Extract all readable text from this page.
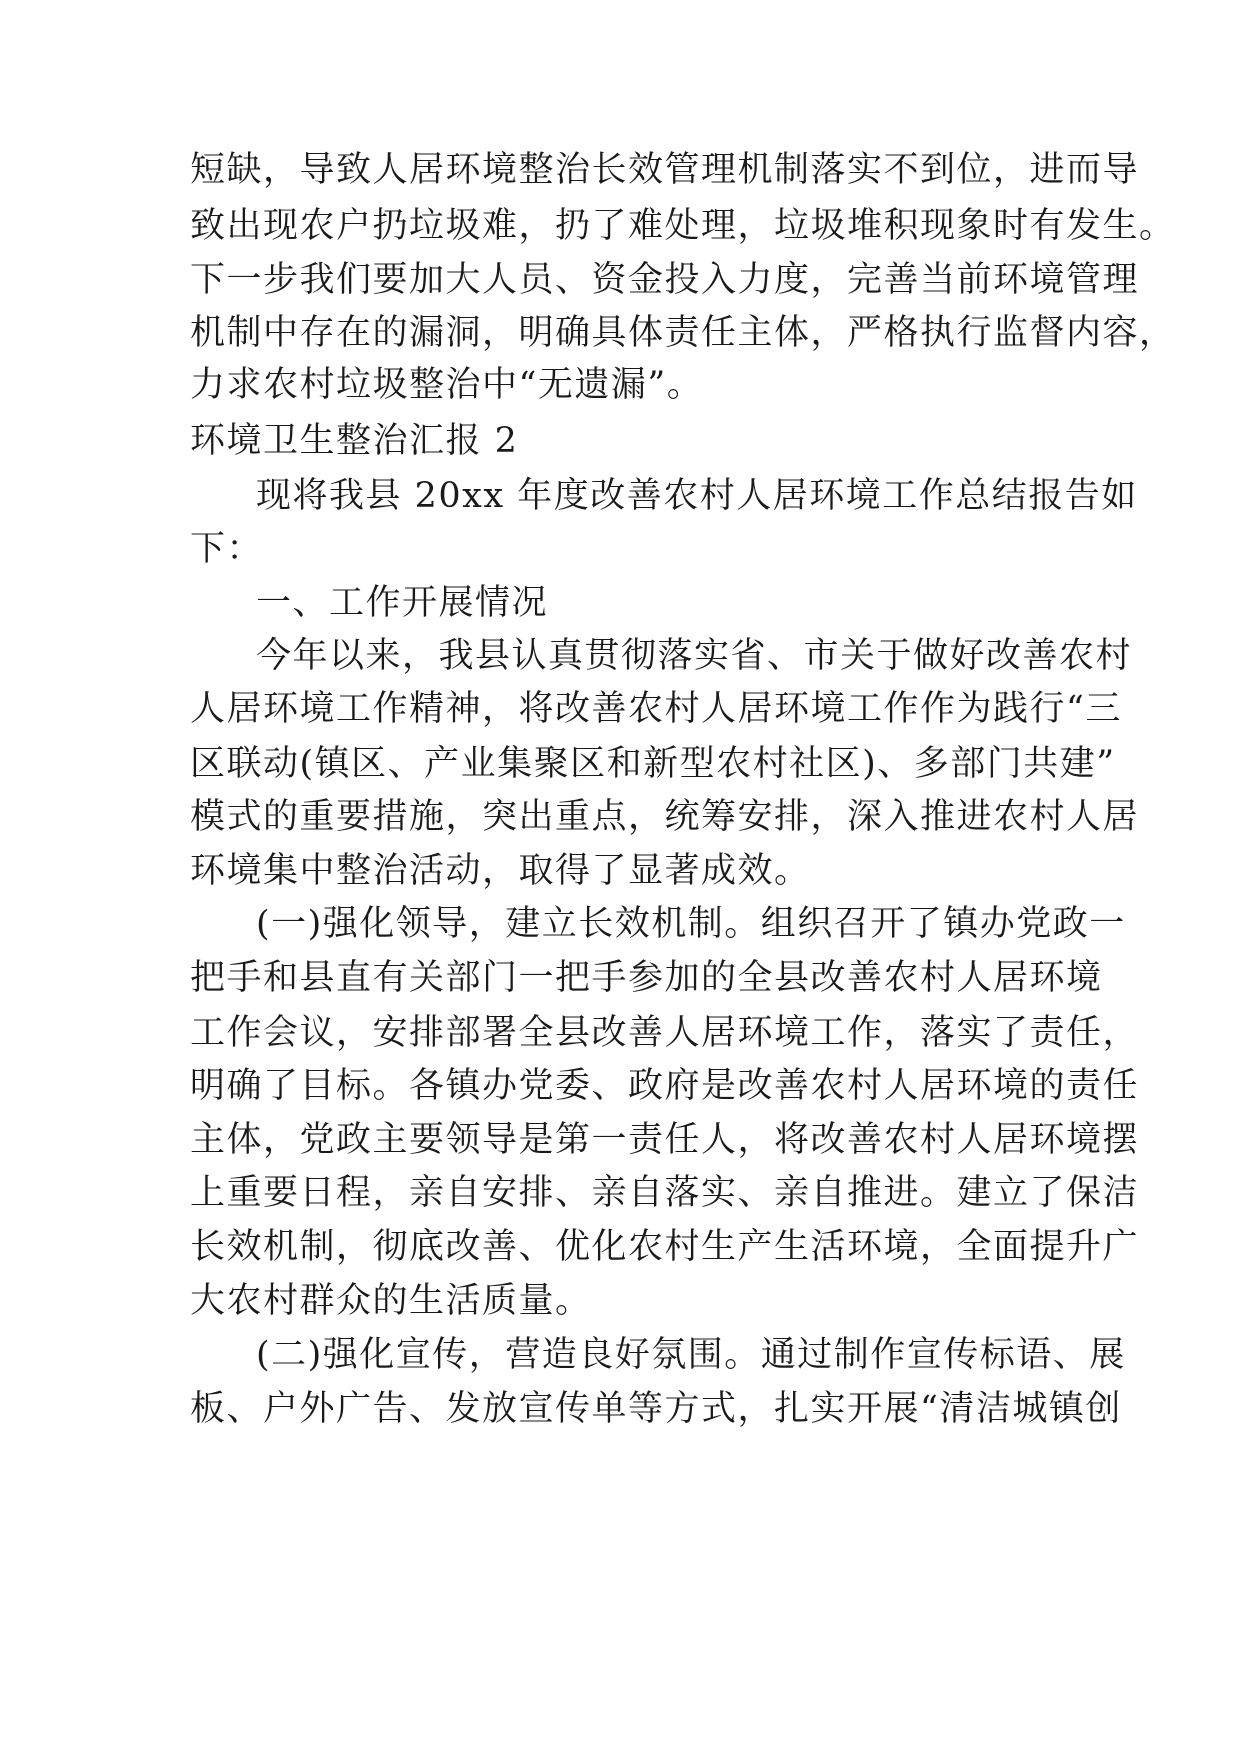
短缺，导致人居环境整治长效管理机制落实不到位，进而导
致出现农户扔垃圾难，扔了难处理，垃圾堆积现象时有发生。
下一步我们要加大人员、资金投入力度，完善当前环境管理
机制中存在的漏洞，明确具体责任主体，严格执行监督内容，
力求农村垃圾整治中“无遗漏”。
环境卫生整治汇报 2
现将我县 20xx 年度改善农村人居环境工作总结报告如
下：
一、工作开展情况
今年以来，我县认真贯彻落实省、市关于做好改善农村
人居环境工作精神，将改善农村人居环境工作作为践行“三
区联动(镇区、产业集聚区和新型农村社区)、多部门共建”
模式的重要措施，突出重点，统筹安排，深入推进农村人居
环境集中整治活动，取得了显著成效。
(一)强化领导，建立长效机制。组织召开了镇办党政一
把手和县直有关部门一把手参加的全县改善农村人居环境
工作会议，安排部署全县改善人居环境工作，落实了责任，
明确了目标。各镇办党委、政府是改善农村人居环境的责任
主体，党政主要领导是第一责任人，将改善农村人居环境摆
上重要日程，亲自安排、亲自落实、亲自推进。建立了保洁
长效机制，彻底改善、优化农村生产生活环境，全面提升广
大农村群众的生活质量。
(二)强化宣传，营造良好氛围。通过制作宣传标语、展
板、户外广告、发放宣传单等方式，扎实开展“清洁城镇创
